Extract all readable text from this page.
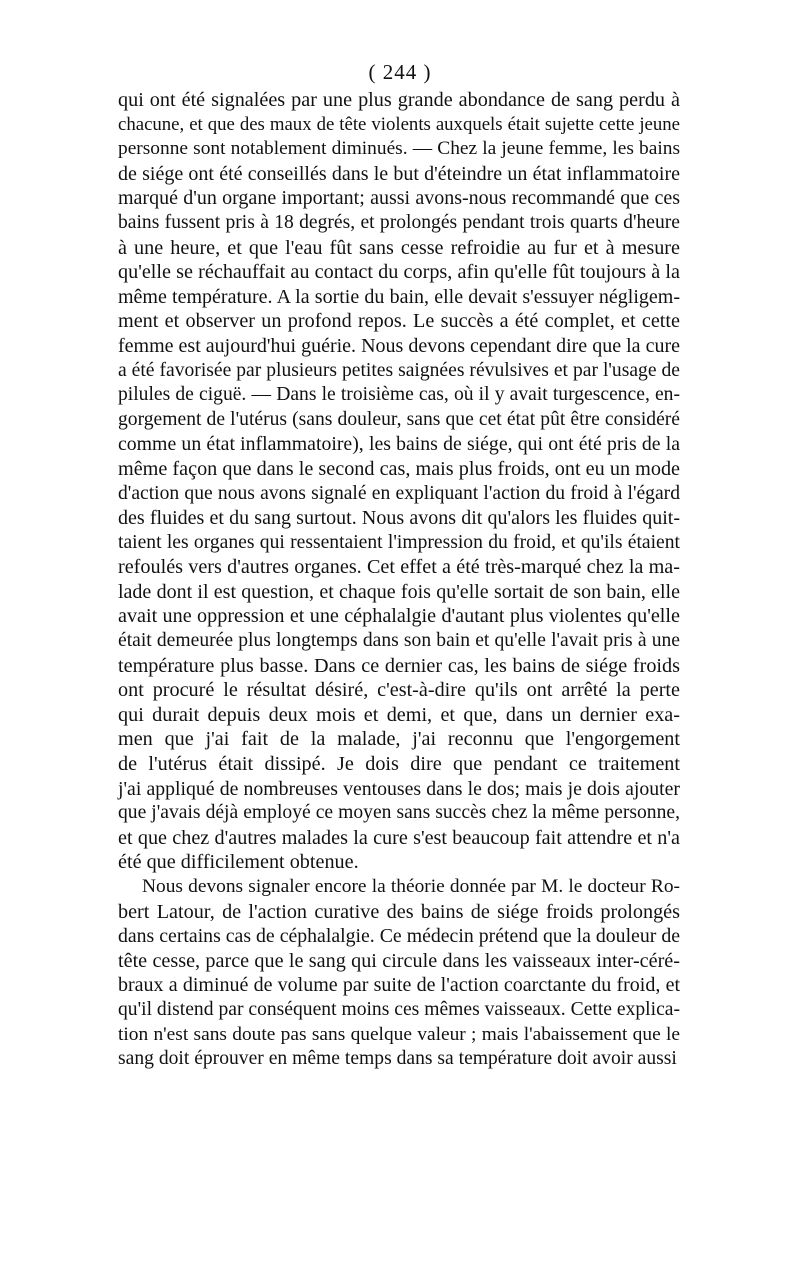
( 244 )
qui ont été signalées par une plus grande abondance de sang perdu à
chacune, et que des maux de tête violents auxquels était sujette cette jeune
personne sont notablement diminués. — Chez la jeune femme, les bains
de siége ont été conseillés dans le but d'éteindre un état inflammatoire
marqué d'un organe important; aussi avons-nous recommandé que ces
bains fussent pris à 18 degrés, et prolongés pendant trois quarts d'heure
à une heure, et que l'eau fût sans cesse refroidie au fur et à mesure
qu'elle se réchauffait au contact du corps, afin qu'elle fût toujours à la
même température. A la sortie du bain, elle devait s'essuyer négligem-
ment et observer un profond repos. Le succès a été complet, et cette
femme est aujourd'hui guérie. Nous devons cependant dire que la cure
a été favorisée par plusieurs petites saignées révulsives et par l'usage de
pilules de ciguë. — Dans le troisième cas, où il y avait turgescence, en-
gorgement de l'utérus (sans douleur, sans que cet état pût être considéré
comme un état inflammatoire), les bains de siége, qui ont été pris de la
même façon que dans le second cas, mais plus froids, ont eu un mode
d'action que nous avons signalé en expliquant l'action du froid à l'égard
des fluides et du sang surtout. Nous avons dit qu'alors les fluides quit-
taient les organes qui ressentaient l'impression du froid, et qu'ils étaient
refoulés vers d'autres organes. Cet effet a été très-marqué chez la ma-
lade dont il est question, et chaque fois qu'elle sortait de son bain, elle
avait une oppression et une céphalalgie d'autant plus violentes qu'elle
était demeurée plus longtemps dans son bain et qu'elle l'avait pris à une
température plus basse. Dans ce dernier cas, les bains de siége froids
ont procuré le résultat désiré, c'est-à-dire qu'ils ont arrêté la perte
qui durait depuis deux mois et demi, et que, dans un dernier exa-
men que j'ai fait de la malade, j'ai reconnu que l'engorgement
de l'utérus était dissipé. Je dois dire que pendant ce traitement
j'ai appliqué de nombreuses ventouses dans le dos; mais je dois ajouter
que j'avais déjà employé ce moyen sans succès chez la même personne,
et que chez d'autres malades la cure s'est beaucoup fait attendre et n'a
été que difficilement obtenue.
Nous devons signaler encore la théorie donnée par M. le docteur Ro-
bert Latour, de l'action curative des bains de siége froids prolongés
dans certains cas de céphalalgie. Ce médecin prétend que la douleur de
tête cesse, parce que le sang qui circule dans les vaisseaux inter-céré-
braux a diminué de volume par suite de l'action coarctante du froid, et
qu'il distend par conséquent moins ces mêmes vaisseaux. Cette explica-
tion n'est sans doute pas sans quelque valeur ; mais l'abaissement que le
sang doit éprouver en même temps dans sa température doit avoir aussi
